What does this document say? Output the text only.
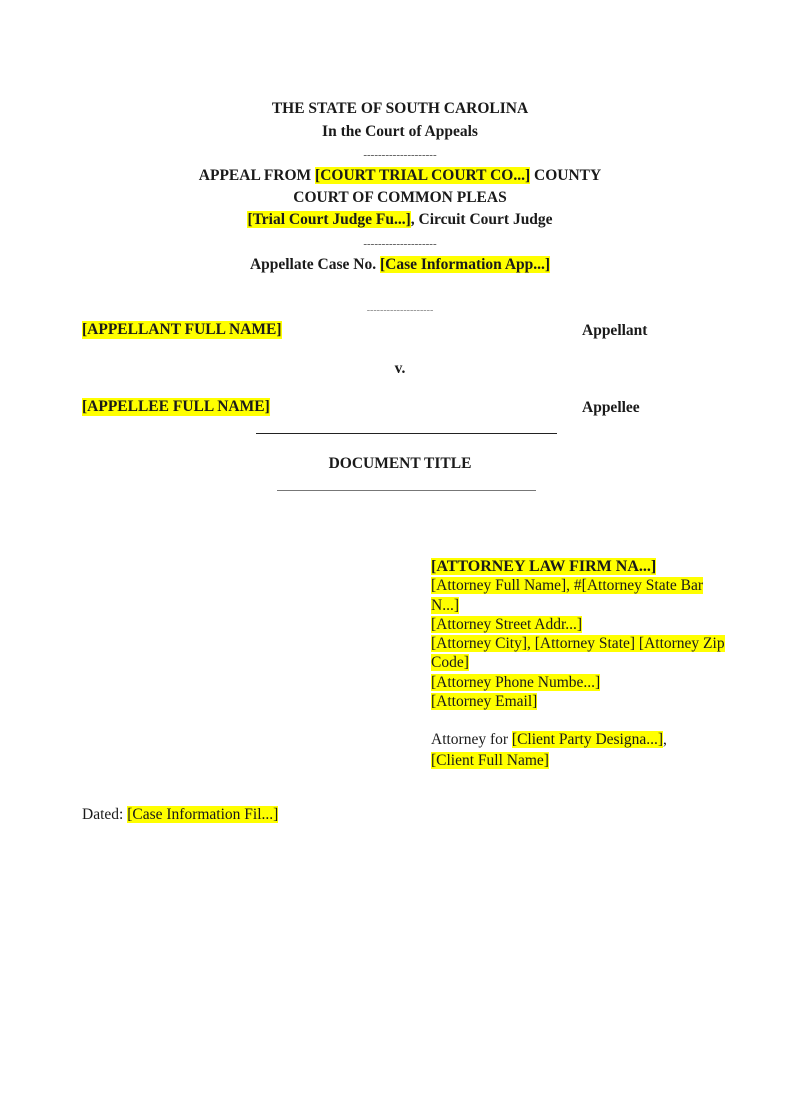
THE STATE OF SOUTH CAROLINA
In the Court of Appeals
--------------------
APPEAL FROM [COURT TRIAL COURT CO...] COUNTY
COURT OF COMMON PLEAS
[Trial Court Judge Fu...], Circuit Court Judge
--------------------
Appellate Case No. [Case Information App...]
--------------------
[APPELLANT FULL NAME]	Appellant
v.
[APPELLEE FULL NAME]	Appellee
DOCUMENT TITLE
[ATTORNEY LAW FIRM NA...]
[Attorney Full Name], #[Attorney State Bar N...]
[Attorney Street Addr...]
[Attorney City], [Attorney State] [Attorney Zip Code]
[Attorney Phone Numbe...]
[Attorney Email]
Attorney for [Client Party Designa...],
[Client Full Name]
Dated: [Case Information Fil...]
